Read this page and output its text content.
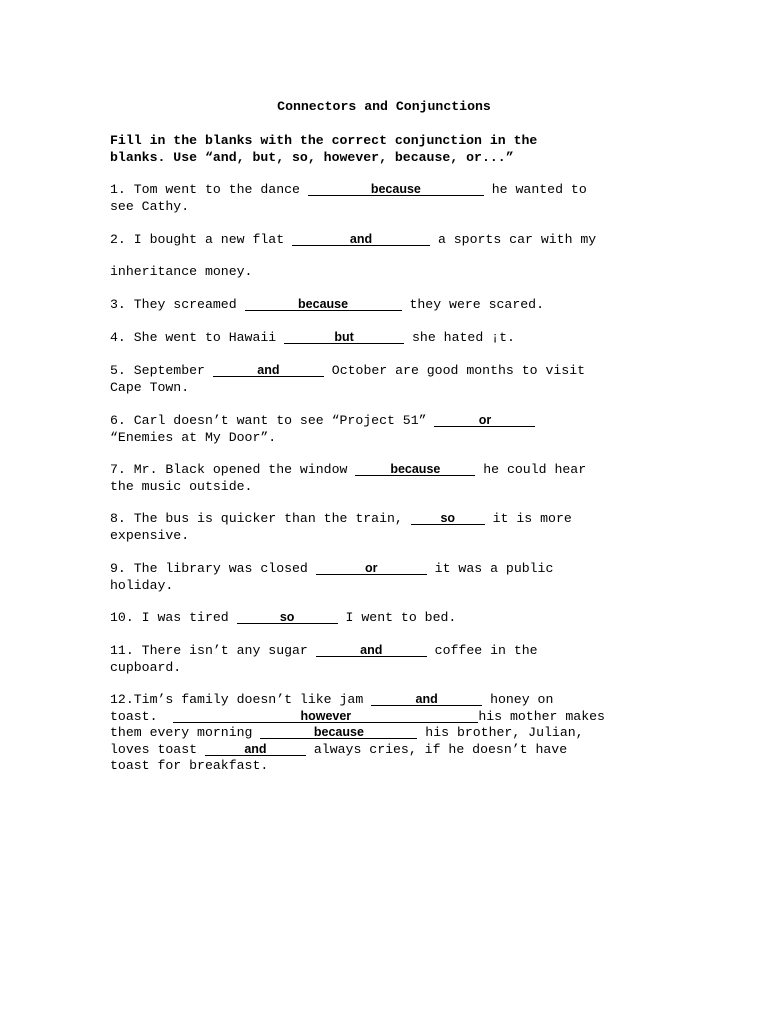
Connectors and Conjunctions
Fill in the blanks with the correct conjunction in the
blanks. Use “and, but, so, however, because, or...”
1. Tom went to the dance	because	he wanted to
see Cathy.
2. I bought a new flat	and	a sports car with my
inheritance money.
3. They screamed	because	they were scared.
4. She went to Hawaii	but	she hated ¡t.
5. September	and	October are good months to visit
Cape Town.
6. Carl doesn’t want to see “Project 51”	or
“Enemies at My Door”.
7. Mr. Black opened the window	because	he could hear
the music outside.
8. The bus is quicker than the train, so it is more
expensive.
9. The library was closed	or	it was a public
holiday.
10. I was tired	so	I went to bed.
11. There isn’t any sugar	and	coffee in the
cupboard.
12.Tim’s family doesn’t like jam	and	honey on
toast.	however	his mother makes
them every morning	because	his brother, Julian,
loves toast	and	always cries, if he doesn’t have
toast for breakfast.
